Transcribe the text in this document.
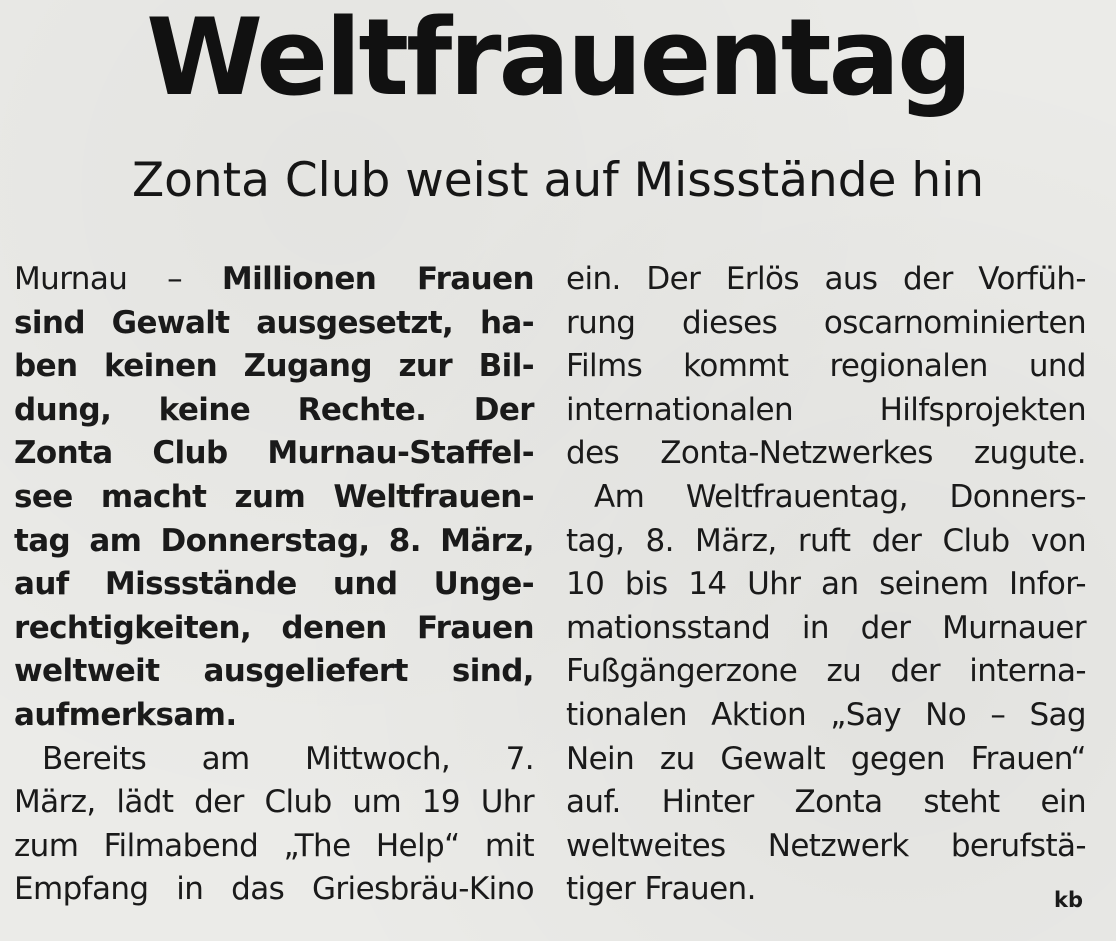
Weltfrauentag
Zonta Club weist auf Missstände hin
Murnau – Millionen Frauen
sind Gewalt ausgesetzt, ha-
ben keinen Zugang zur Bil-
dung, keine Rechte. Der
Zonta Club Murnau-Staffel-
see macht zum Weltfrauen-
tag am Donnerstag, 8. März,
auf Missstände und Unge-
rechtigkeiten, denen Frauen
weltweit ausgeliefert sind,
aufmerksam.
Bereits am Mittwoch, 7.
März, lädt der Club um 19 Uhr
zum Filmabend „The Help“ mit
Empfang in das Griesbräu-Kino
ein. Der Erlös aus der Vorfüh-
rung dieses oscarnominierten
Films kommt regionalen und
internationalen Hilfsprojekten
des Zonta-Netzwerkes zugute.
Am Weltfrauentag, Donners-
tag, 8. März, ruft der Club von
10 bis 14 Uhr an seinem Infor-
mationsstand in der Murnauer
Fußgängerzone zu der interna-
tionalen Aktion „Say No – Sag
Nein zu Gewalt gegen Frauen“
auf. Hinter Zonta steht ein
weltweites Netzwerk berufstä-
tiger Frauen.	kb
